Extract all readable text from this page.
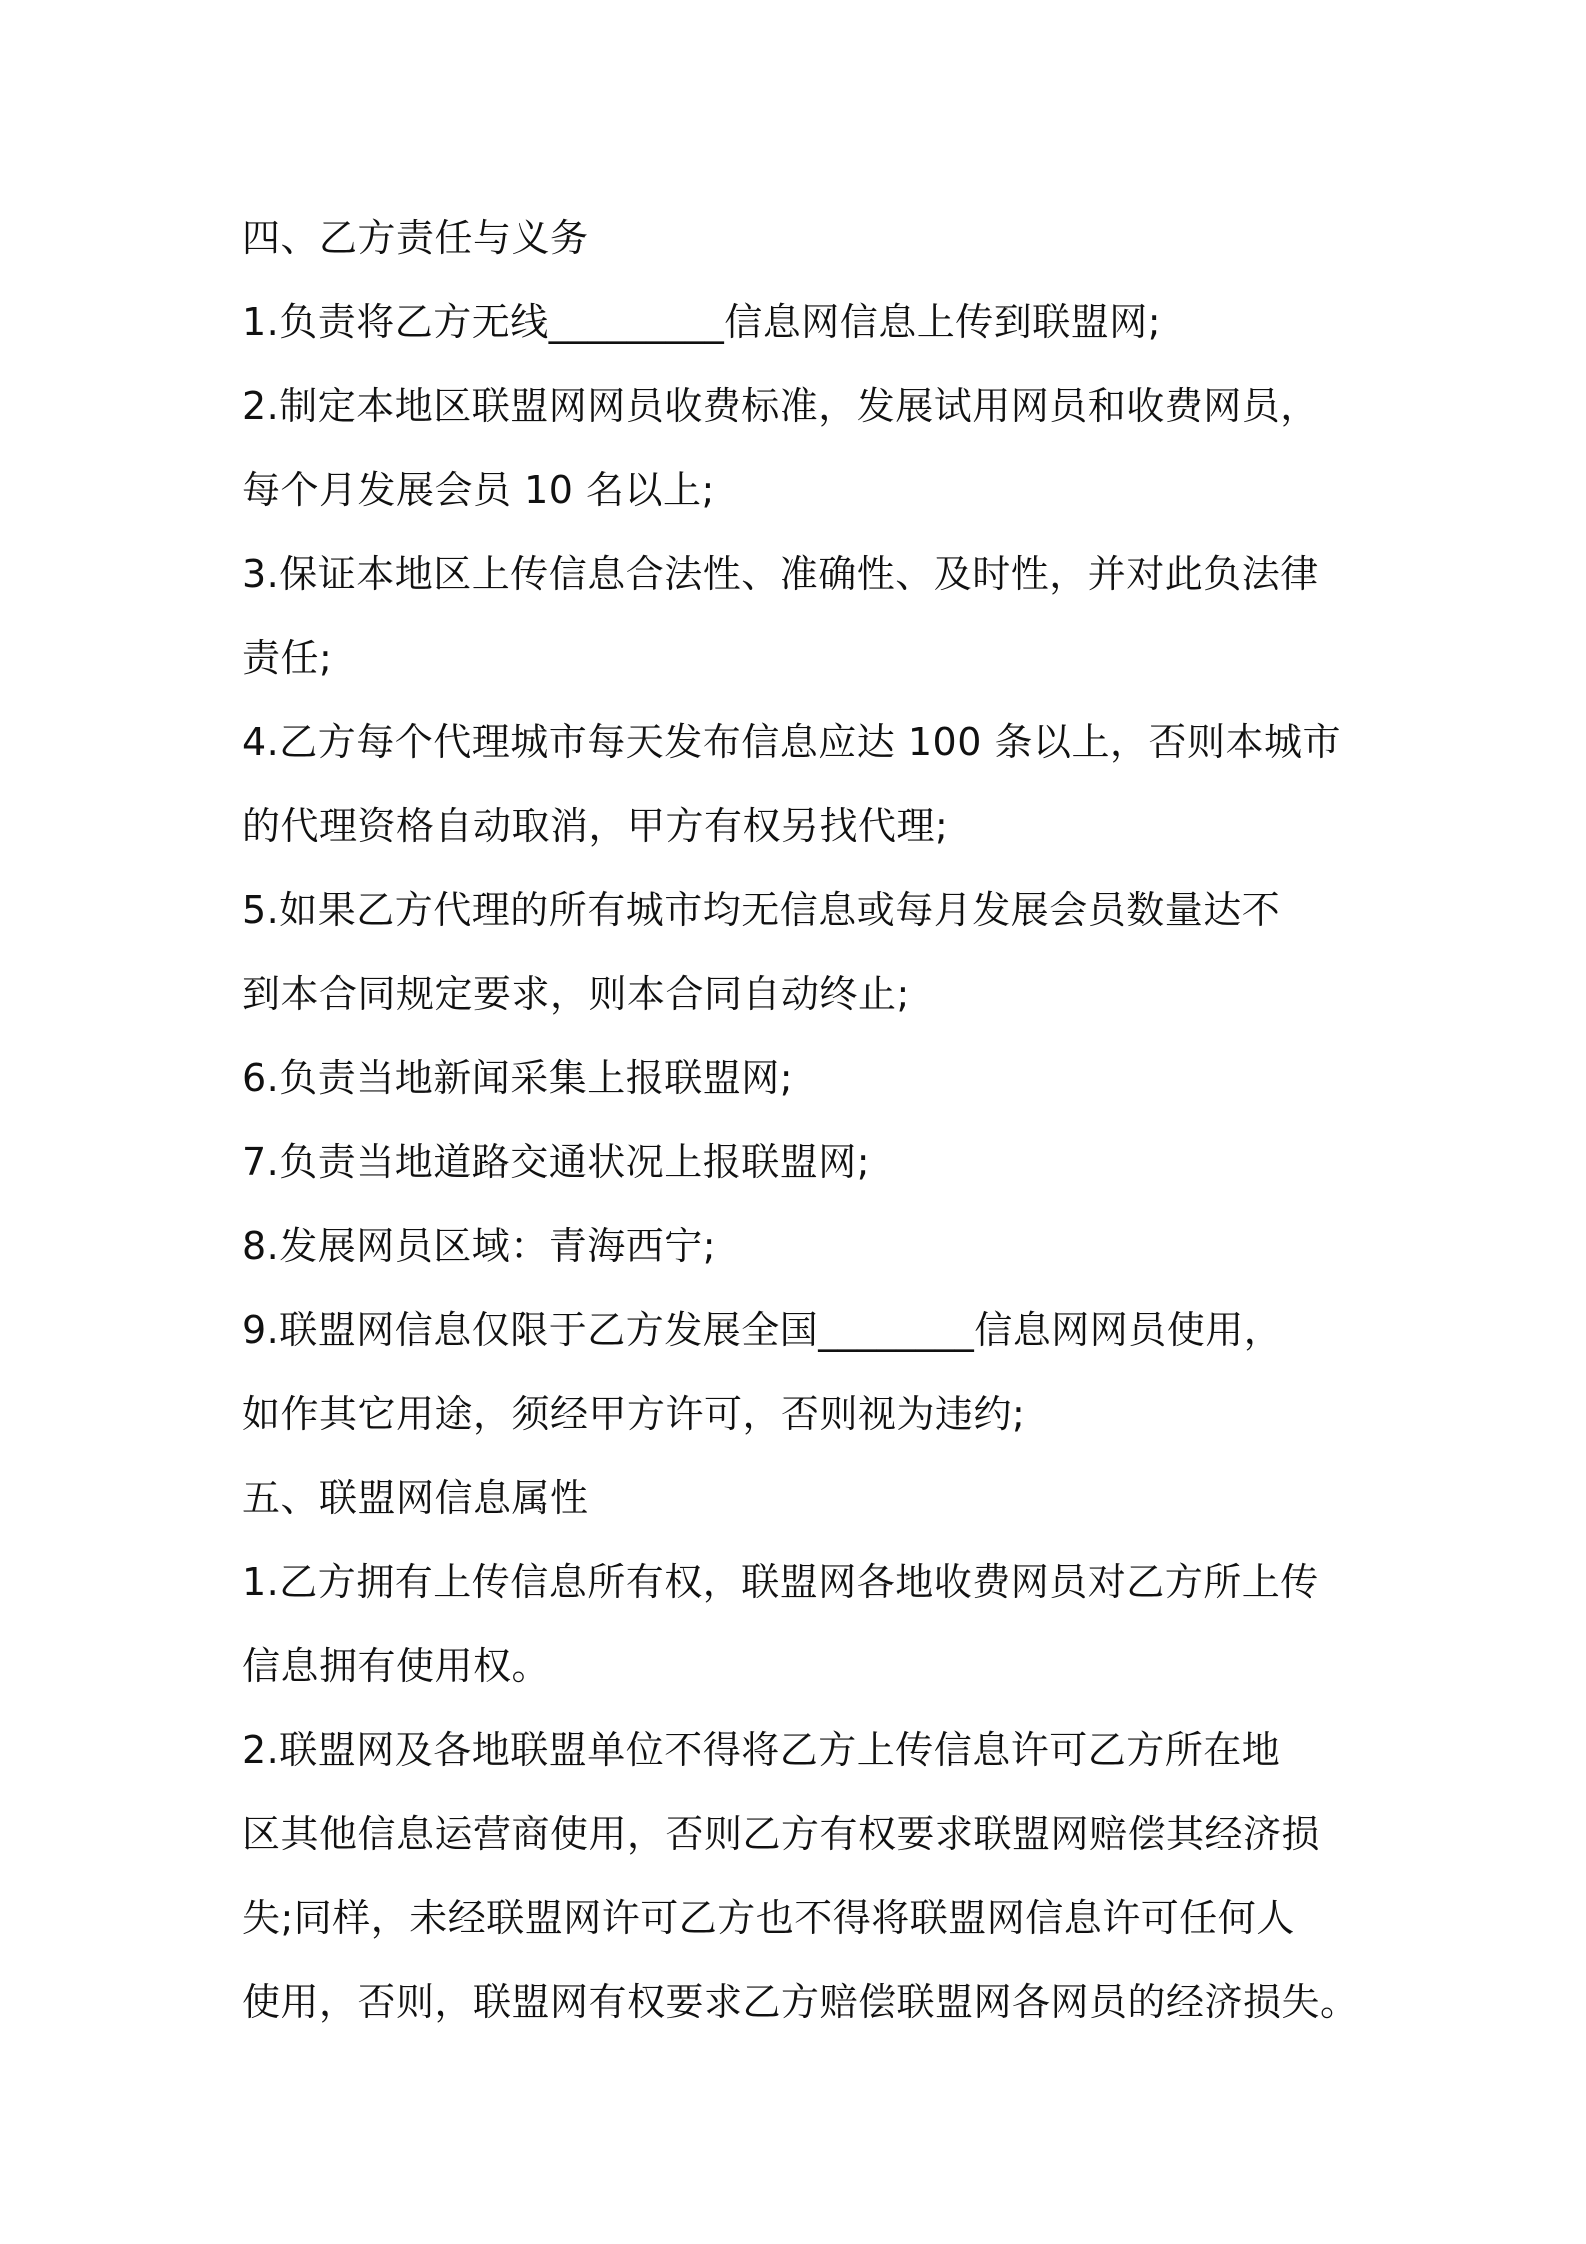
四、乙方责任与义务
1.负责将乙方无线_________信息网信息上传到联盟网;
2.制定本地区联盟网网员收费标准，发展试用网员和收费网员，
每个月发展会员 10 名以上;
3.保证本地区上传信息合法性、准确性、及时性，并对此负法律
责任;
4.乙方每个代理城市每天发布信息应达 100 条以上，否则本城市
的代理资格自动取消，甲方有权另找代理;
5.如果乙方代理的所有城市均无信息或每月发展会员数量达不
到本合同规定要求，则本合同自动终止;
6.负责当地新闻采集上报联盟网;
7.负责当地道路交通状况上报联盟网;
8.发展网员区域：青海西宁;
9.联盟网信息仅限于乙方发展全国________信息网网员使用，
如作其它用途，须经甲方许可，否则视为违约;
五、联盟网信息属性
1.乙方拥有上传信息所有权，联盟网各地收费网员对乙方所上传
信息拥有使用权。
2.联盟网及各地联盟单位不得将乙方上传信息许可乙方所在地
区其他信息运营商使用，否则乙方有权要求联盟网赔偿其经济损
失;同样，未经联盟网许可乙方也不得将联盟网信息许可任何人
使用，否则，联盟网有权要求乙方赔偿联盟网各网员的经济损失。
